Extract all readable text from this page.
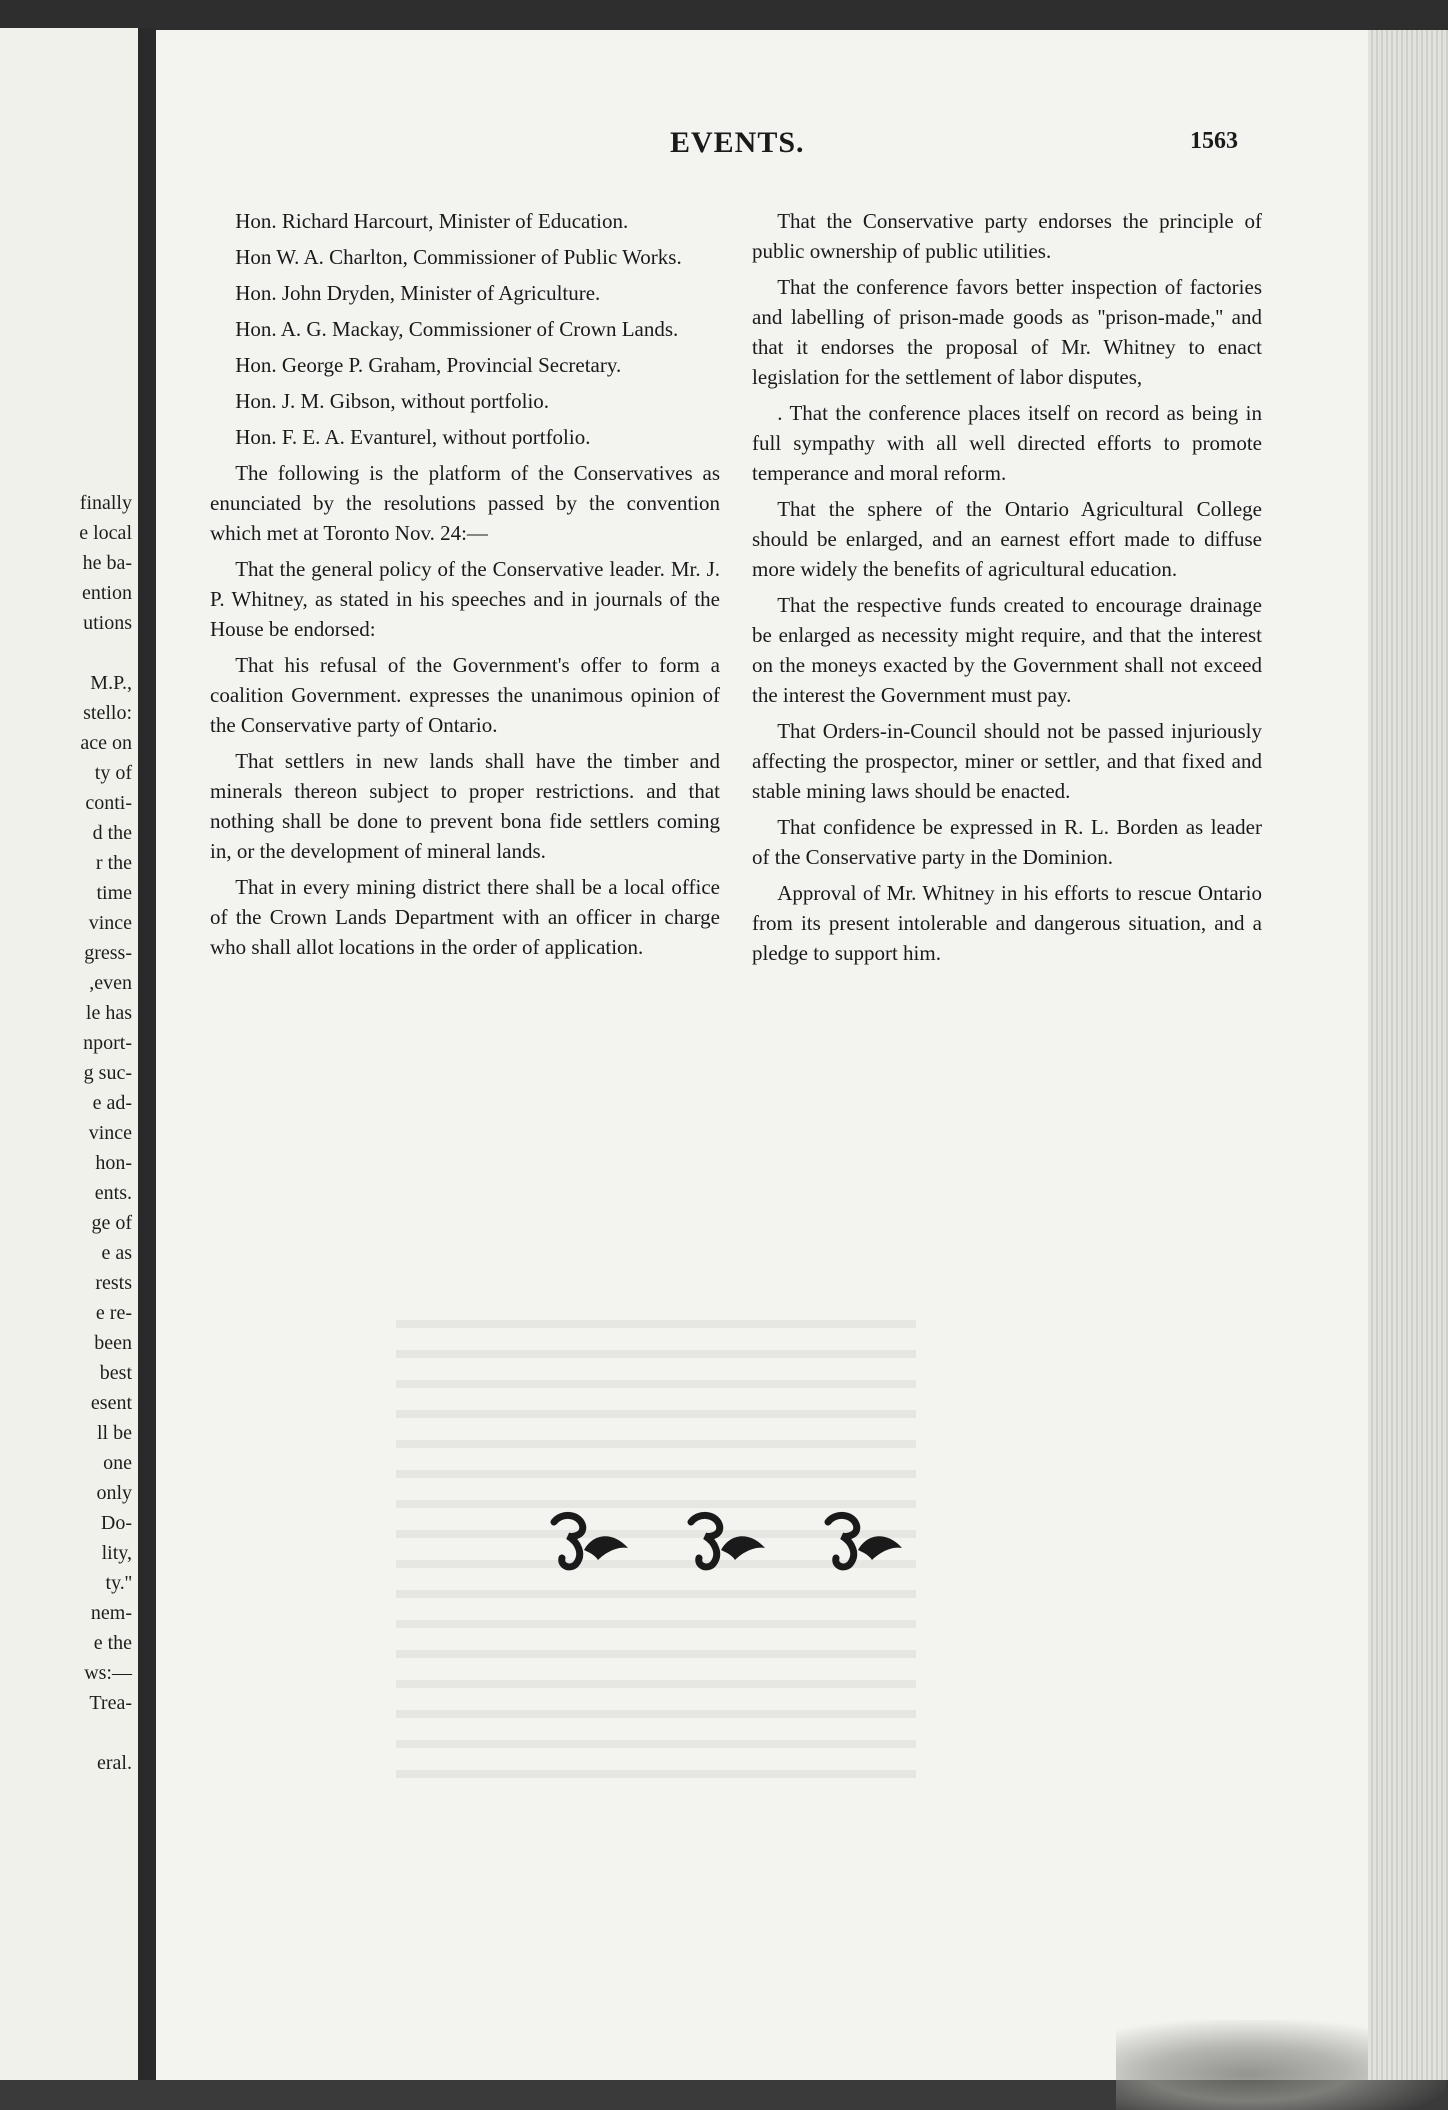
finally
e local
he ba-
ention
utions
M.P.,
stello:
ace on
ty of
conti-
d the
r the
time
vince
gress-
,even
le has
nport-
g suc-
e ad-
vince
hon-
ents.
ge of
e as
rests
e re-
been
best
esent
ll be
one
only
Do-
lity,
ty.''
nem-
e the
ws:—
Trea-
eral.
EVENTS.	1563

Hon. Richard Harcourt, Minister of Education.

Hon W. A. Charlton, Commissioner of Public Works.

Hon. John Dryden, Minister of Agriculture.

Hon. A. G. Mackay, Commissioner of Crown Lands.

Hon. George P. Graham, Provincial Secretary.

Hon. J. M. Gibson, without portfolio.

Hon. F. E. A. Evanturel, without portfolio.

The following is the platform of the Conservatives as enunciated by the resolutions passed by the convention which met at Toronto Nov. 24:—

That the general policy of the Conservative leader. Mr. J. P. Whitney, as stated in his speeches and in journals of the House be endorsed:

That his refusal of the Government's offer to form a coalition Government. expresses the unanimous opinion of the Conservative party of Ontario.

That settlers in new lands shall have the timber and minerals thereon subject to proper restrictions. and that nothing shall be done to prevent bona fide settlers coming in, or the development of mineral lands.

That in every mining district there shall be a local office of the Crown Lands Department with an officer in charge who shall allot locations in the order of application.

That the Conservative party endorses the principle of public ownership of public utilities.

That the conference favors better inspection of factories and labelling of prison-made goods as ''prison-made,'' and that it endorses the proposal of Mr. Whitney to enact legislation for the settlement of labor disputes,

. That the conference places itself on record as being in full sympathy with all well directed efforts to promote temperance and moral reform.

That the sphere of the Ontario Agricultural College should be enlarged, and an earnest effort made to diffuse more widely the benefits of agricultural education.

That the respective funds created to encourage drainage be enlarged as necessity might require, and that the interest on the moneys exacted by the Government shall not exceed the interest the Government must pay.

That Orders-in-Council should not be passed injuriously affecting the prospector, miner or settler, and that fixed and stable mining laws should be enacted.

That confidence be expressed in R. L. Borden as leader of the Conservative party in the Dominion.

Approval of Mr. Whitney in his efforts to rescue Ontario from its present intolerable and dangerous situation, and a pledge to support him.
